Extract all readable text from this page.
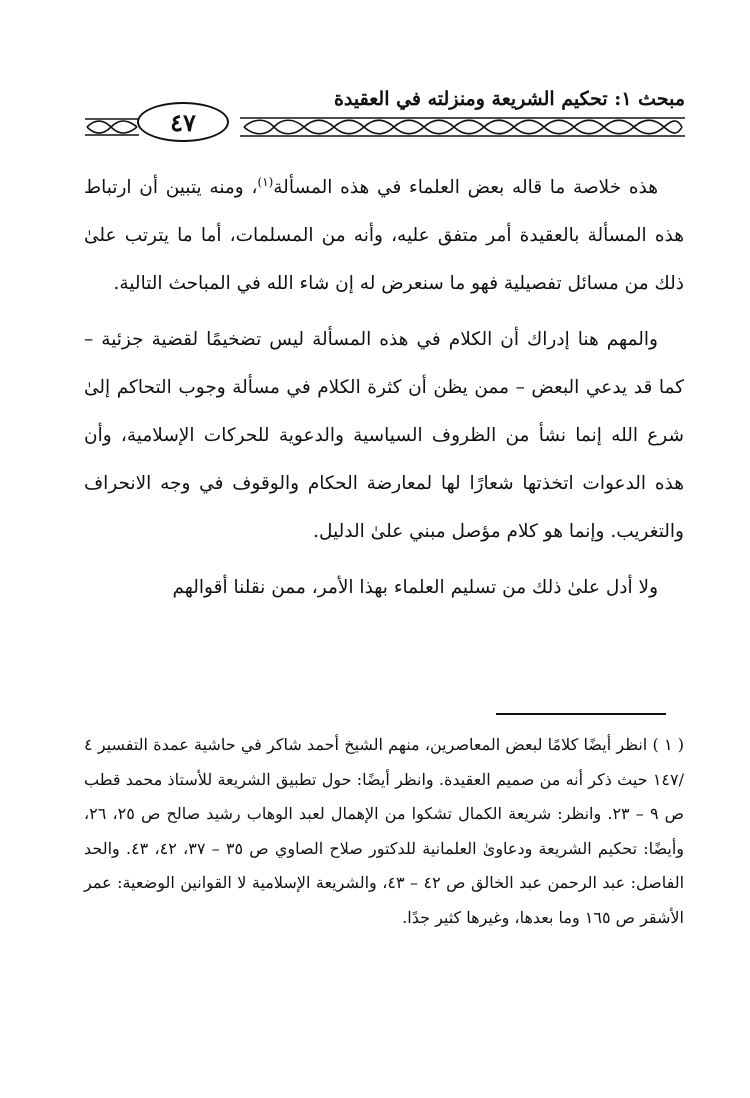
مبحث ١: تحكيم الشريعة ومنزلته في العقيدة
٤٧

هذه خلاصة ما قاله بعض العلماء في هذه المسألة$^{(١)}$، ومنه يتبين أن ارتباط هذه المسألة بالعقيدة أمر متفق عليه، وأنه من المسلمات، أما ما يترتب علىٰ ذلك من مسائل تفصيلية فهو ما سنعرض له إن شاء الله في المباحث التالية.

والمهم هنا إدراك أن الكلام في هذه المسألة ليس تضخيمًا لقضية جزئية – كما قد يدعي البعض – ممن يظن أن كثرة الكلام في مسألة وجوب التحاكم إلىٰ شرع الله إنما نشأ من الظروف السياسية والدعوية للحركات الإسلامية، وأن هذه الدعوات اتخذتها شعارًا لها لمعارضة الحكام والوقوف في وجه الانحراف والتغريب. وإنما هو كلام مؤصل مبني علىٰ الدليل.

ولا أدل علىٰ ذلك من تسليم العلماء بهذا الأمر، ممن نقلنا أقوالهم

( ١ ) انظر أيضًا كلامًا لبعض المعاصرين، منهم الشيخ أحمد شاكر في حاشية عمدة التفسير ٤ /١٤٧ حيث ذكر أنه من صميم العقيدة. وانظر أيضًا: حول تطبيق الشريعة للأستاذ محمد قطب ص ٩ – ٢٣. وانظر: شريعة الكمال تشكوا من الإهمال لعبد الوهاب رشيد صالح ص ٢٥، ٢٦، وأيضًا: تحكيم الشريعة ودعاوىٰ العلمانية للدكتور صلاح الصاوي ص ٣٥ – ٣٧، ٤٢، ٤٣. والحد الفاصل: عبد الرحمن عبد الخالق ص ٤٢ – ٤٣، والشريعة الإسلامية لا القوانين الوضعية: عمر الأشقر ص ١٦٥ وما بعدها، وغيرها كثير جدًا.
